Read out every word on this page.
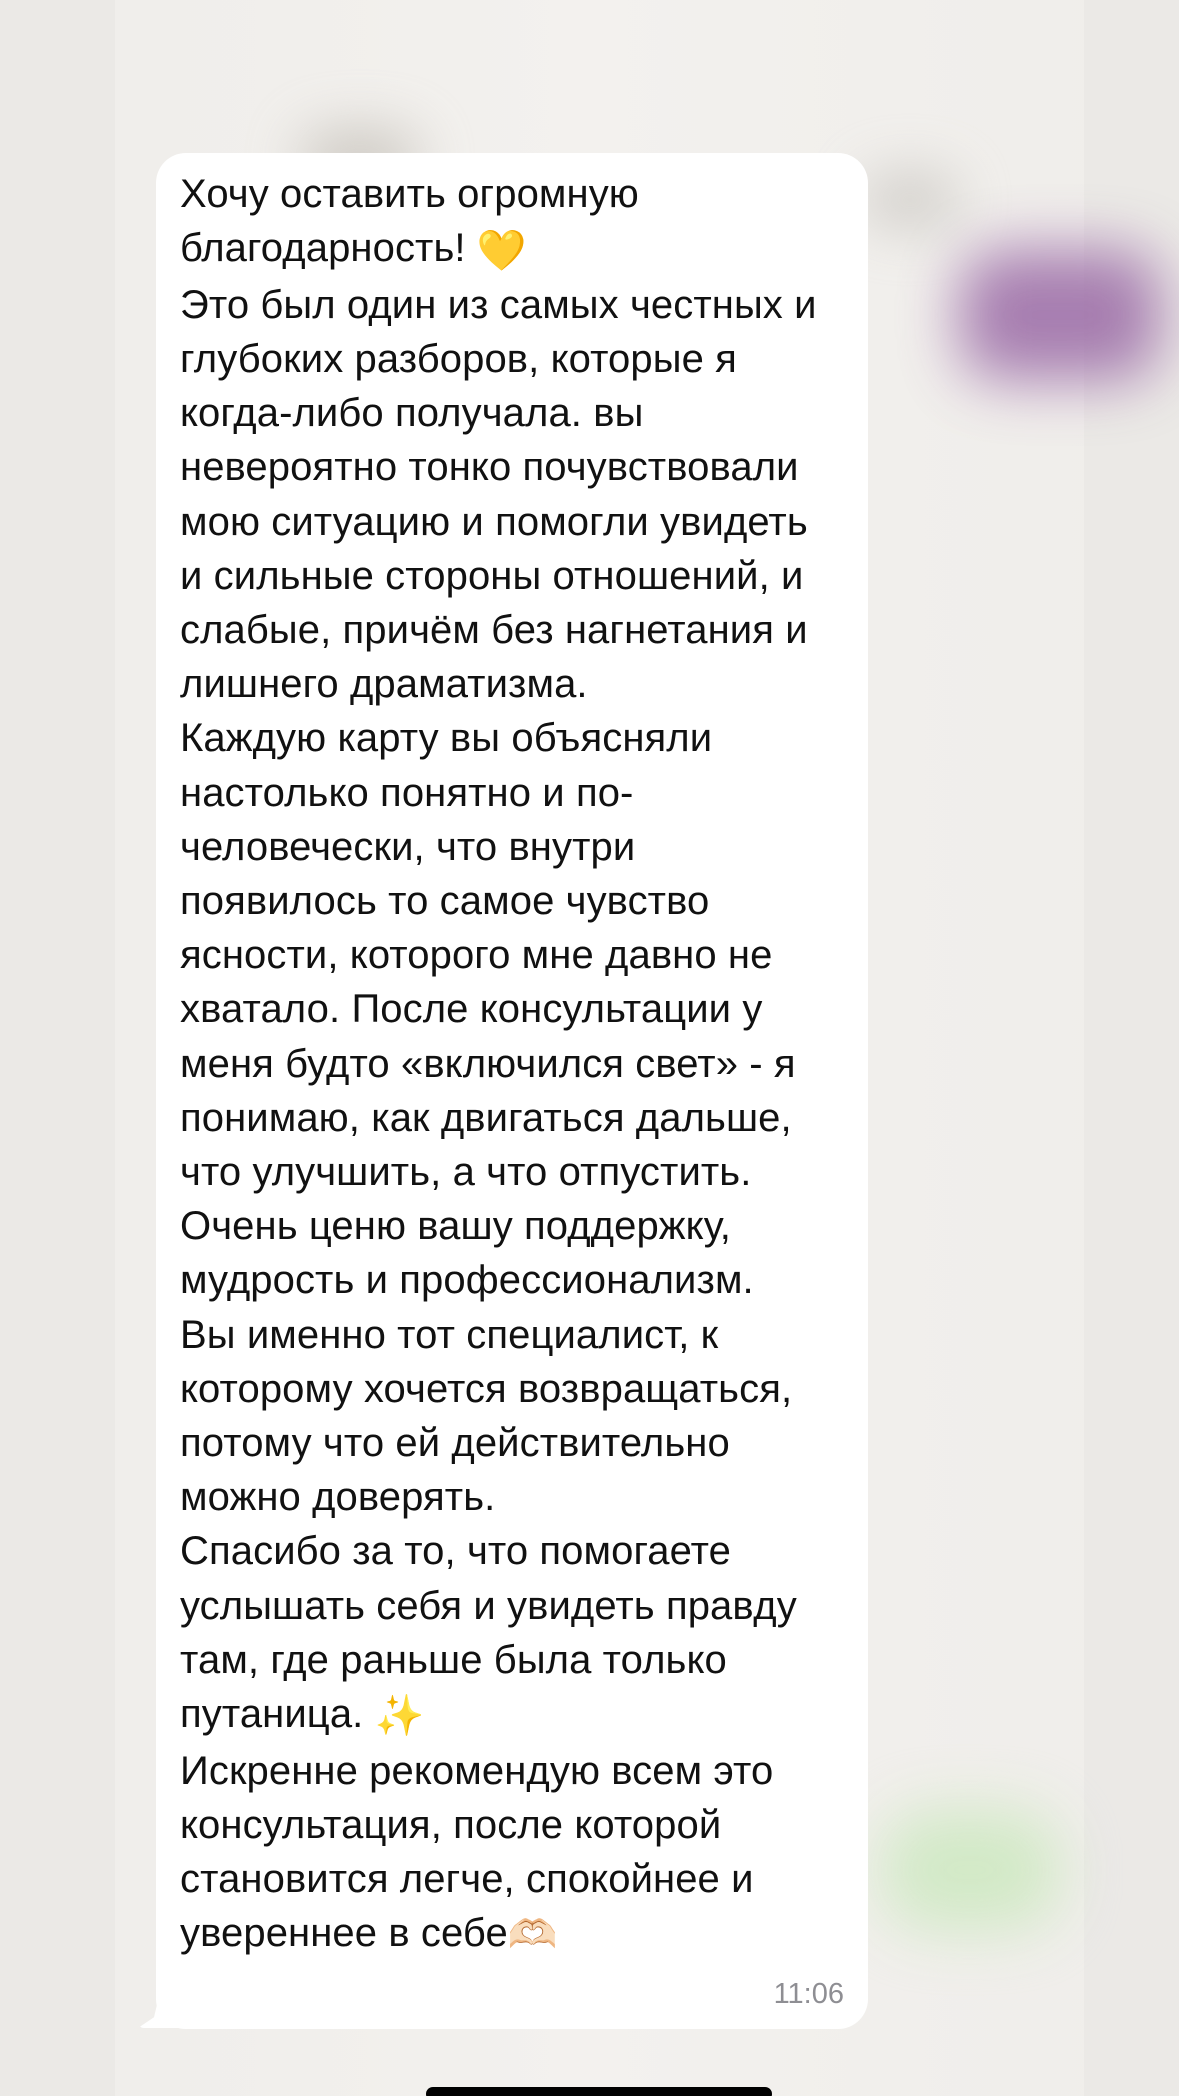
Хочу оставить огромную благодарность! 💛

Это был один из самых честных и глубоких разборов, которые я когда-либо получала. вы невероятно тонко почувствовали мою ситуацию и помогли увидеть и сильные стороны отношений, и слабые, причём без нагнетания и лишнего драматизма.

Каждую карту вы объясняли настолько понятно и по-человечески, что внутри появилось то самое чувство ясности, которого мне давно не хватало. После консультации у меня будто «включился свет» - я понимаю, как двигаться дальше, что улучшить, а что отпустить.

Очень ценю вашу поддержку, мудрость и профессионализм.

Вы именно тот специалист, к которому хочется возвращаться, потому что ей действительно можно доверять.

Спасибо за то, что помогаете услышать себя и увидеть правду там, где раньше была только путаница. ✨

Искренне рекомендую всем это консультация, после которой становится легче, спокойнее и увереннее в себе🫶🏻

11:06
